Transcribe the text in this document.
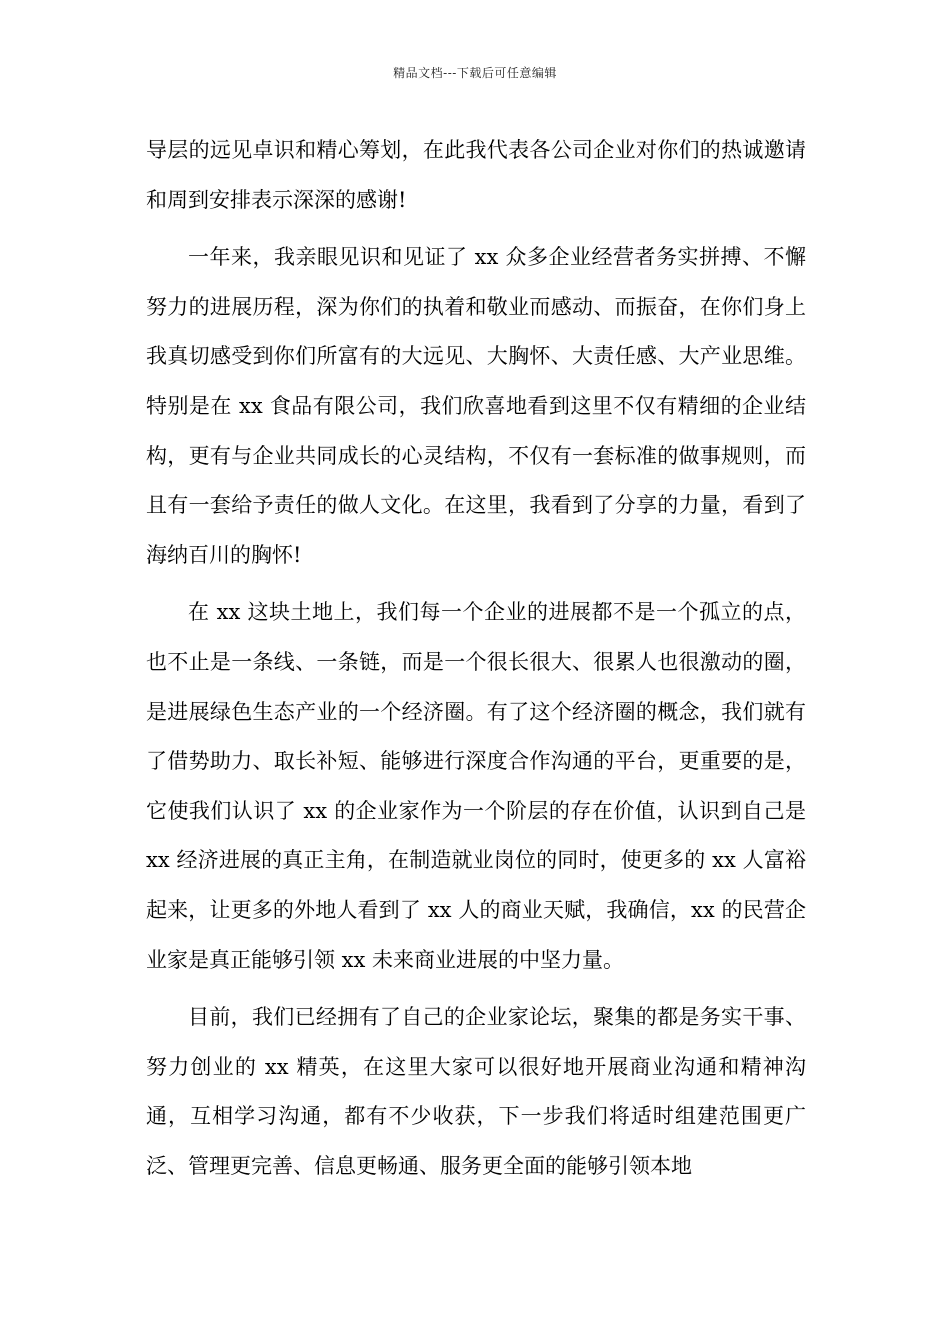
精品文档---下载后可任意编辑

导层的远见卓识和精心筹划，在此我代表各公司企业对你们的热诚邀请和周到安排表示深深的感谢!

一年来，我亲眼见识和见证了 xx 众多企业经营者务实拼搏、不懈努力的进展历程，深为你们的执着和敬业而感动、而振奋，在你们身上我真切感受到你们所富有的大远见、大胸怀、大责任感、大产业思维。特别是在 xx 食品有限公司，我们欣喜地看到这里不仅有精细的企业结构，更有与企业共同成长的心灵结构，不仅有一套标准的做事规则，而且有一套给予责任的做人文化。在这里，我看到了分享的力量，看到了海纳百川的胸怀!

在 xx 这块土地上，我们每一个企业的进展都不是一个孤立的点，也不止是一条线、一条链，而是一个很长很大、很累人也很激动的圈，是进展绿色生态产业的一个经济圈。有了这个经济圈的概念，我们就有了借势助力、取长补短、能够进行深度合作沟通的平台，更重要的是，它使我们认识了 xx 的企业家作为一个阶层的存在价值，认识到自己是 xx 经济进展的真正主角，在制造就业岗位的同时，使更多的 xx 人富裕起来，让更多的外地人看到了 xx 人的商业天赋，我确信，xx 的民营企业家是真正能够引领 xx 未来商业进展的中坚力量。

目前，我们已经拥有了自己的企业家论坛，聚集的都是务实干事、努力创业的 xx 精英，在这里大家可以很好地开展商业沟通和精神沟通，互相学习沟通，都有不少收获，下一步我们将适时组建范围更广泛、管理更完善、信息更畅通、服务更全面的能够引领本地
